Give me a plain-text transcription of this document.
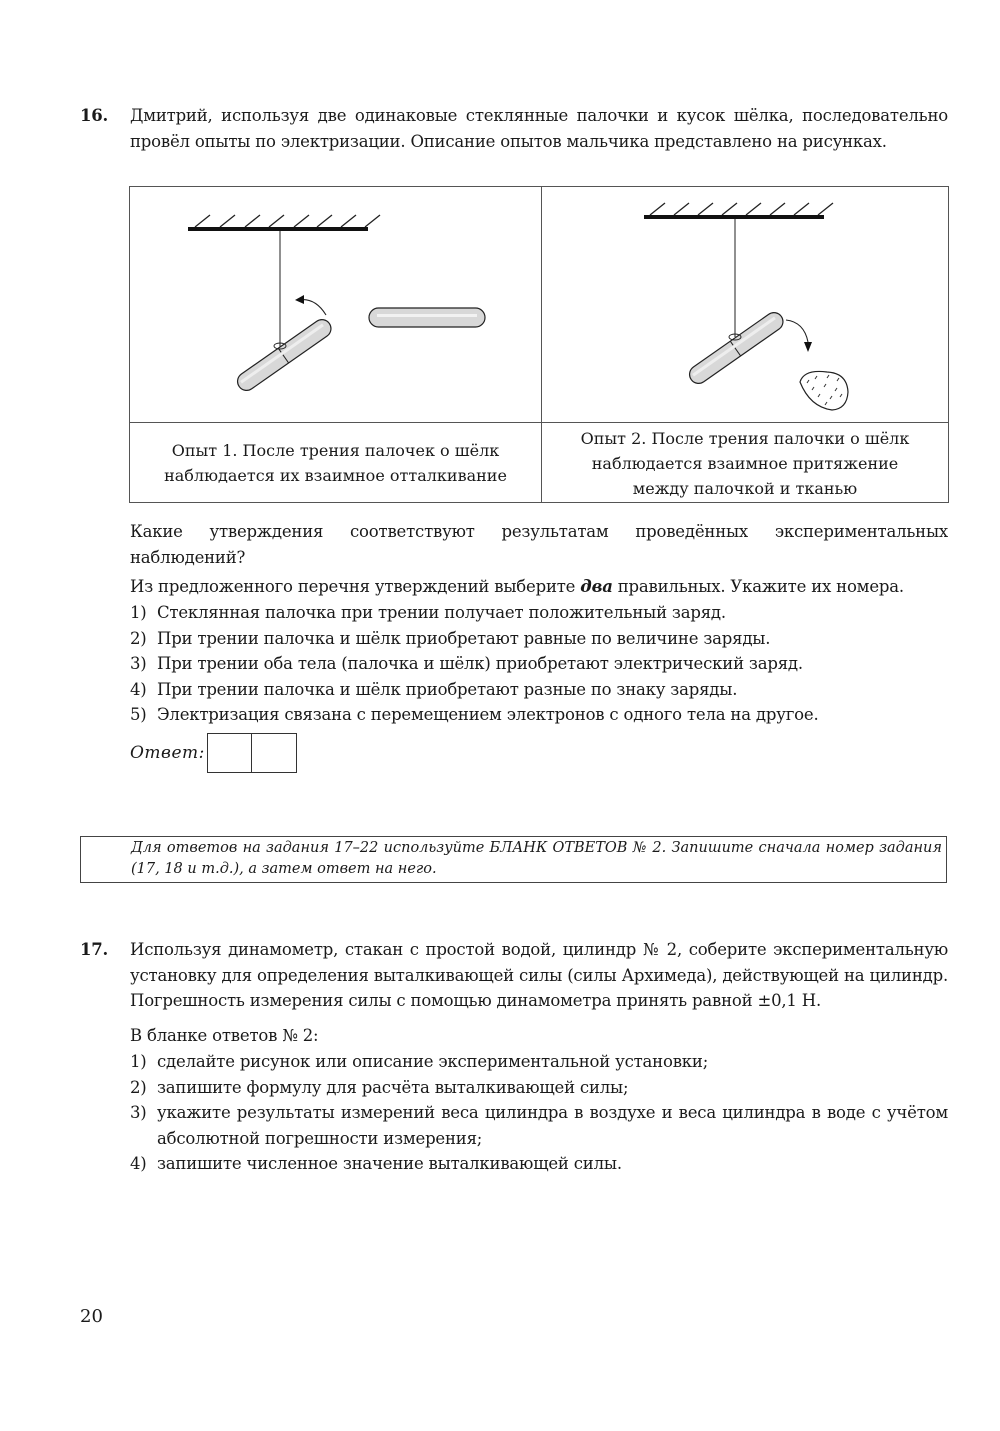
16. Дмитрий, используя две одинаковые стеклянные палочки и кусок шёлка, последовательно провёл опыты по электризации. Описание опытов мальчика представлено на рисунках.
Опыт 1. После трения палочек о шёлк наблюдается их взаимное отталкивание
Опыт 2. После трения палочки о шёлк наблюдается взаимное притяжение между палочкой и тканью
Какие утверждения соответствуют результатам проведённых экспериментальных наблюдений?
Из предложенного перечня утверждений выберите два правильных. Укажите их номера.
1) Стеклянная палочка при трении получает положительный заряд.
2) При трении палочка и шёлк приобретают равные по величине заряды.
3) При трении оба тела (палочка и шёлк) приобретают электрический заряд.
4) При трении палочка и шёлк приобретают разные по знаку заряды.
5) Электризация связана с перемещением электронов с одного тела на другое.
Ответ:
Для ответов на задания 17–22 используйте БЛАНК ОТВЕТОВ № 2. Запишите сначала номер задания (17, 18 и т.д.), а затем ответ на него.
17. Используя динамометр, стакан с простой водой, цилиндр № 2, соберите экспериментальную установку для определения выталкивающей силы (силы Архимеда), действующей на цилиндр. Погрешность измерения силы с помощью динамометра принять равной ±0,1 Н.
В бланке ответов № 2:
1) сделайте рисунок или описание экспериментальной установки;
2) запишите формулу для расчёта выталкивающей силы;
3) укажите результаты измерений веса цилиндра в воздухе и веса цилиндра в воде с учётом абсолютной погрешности измерения;
4) запишите численное значение выталкивающей силы.
20
